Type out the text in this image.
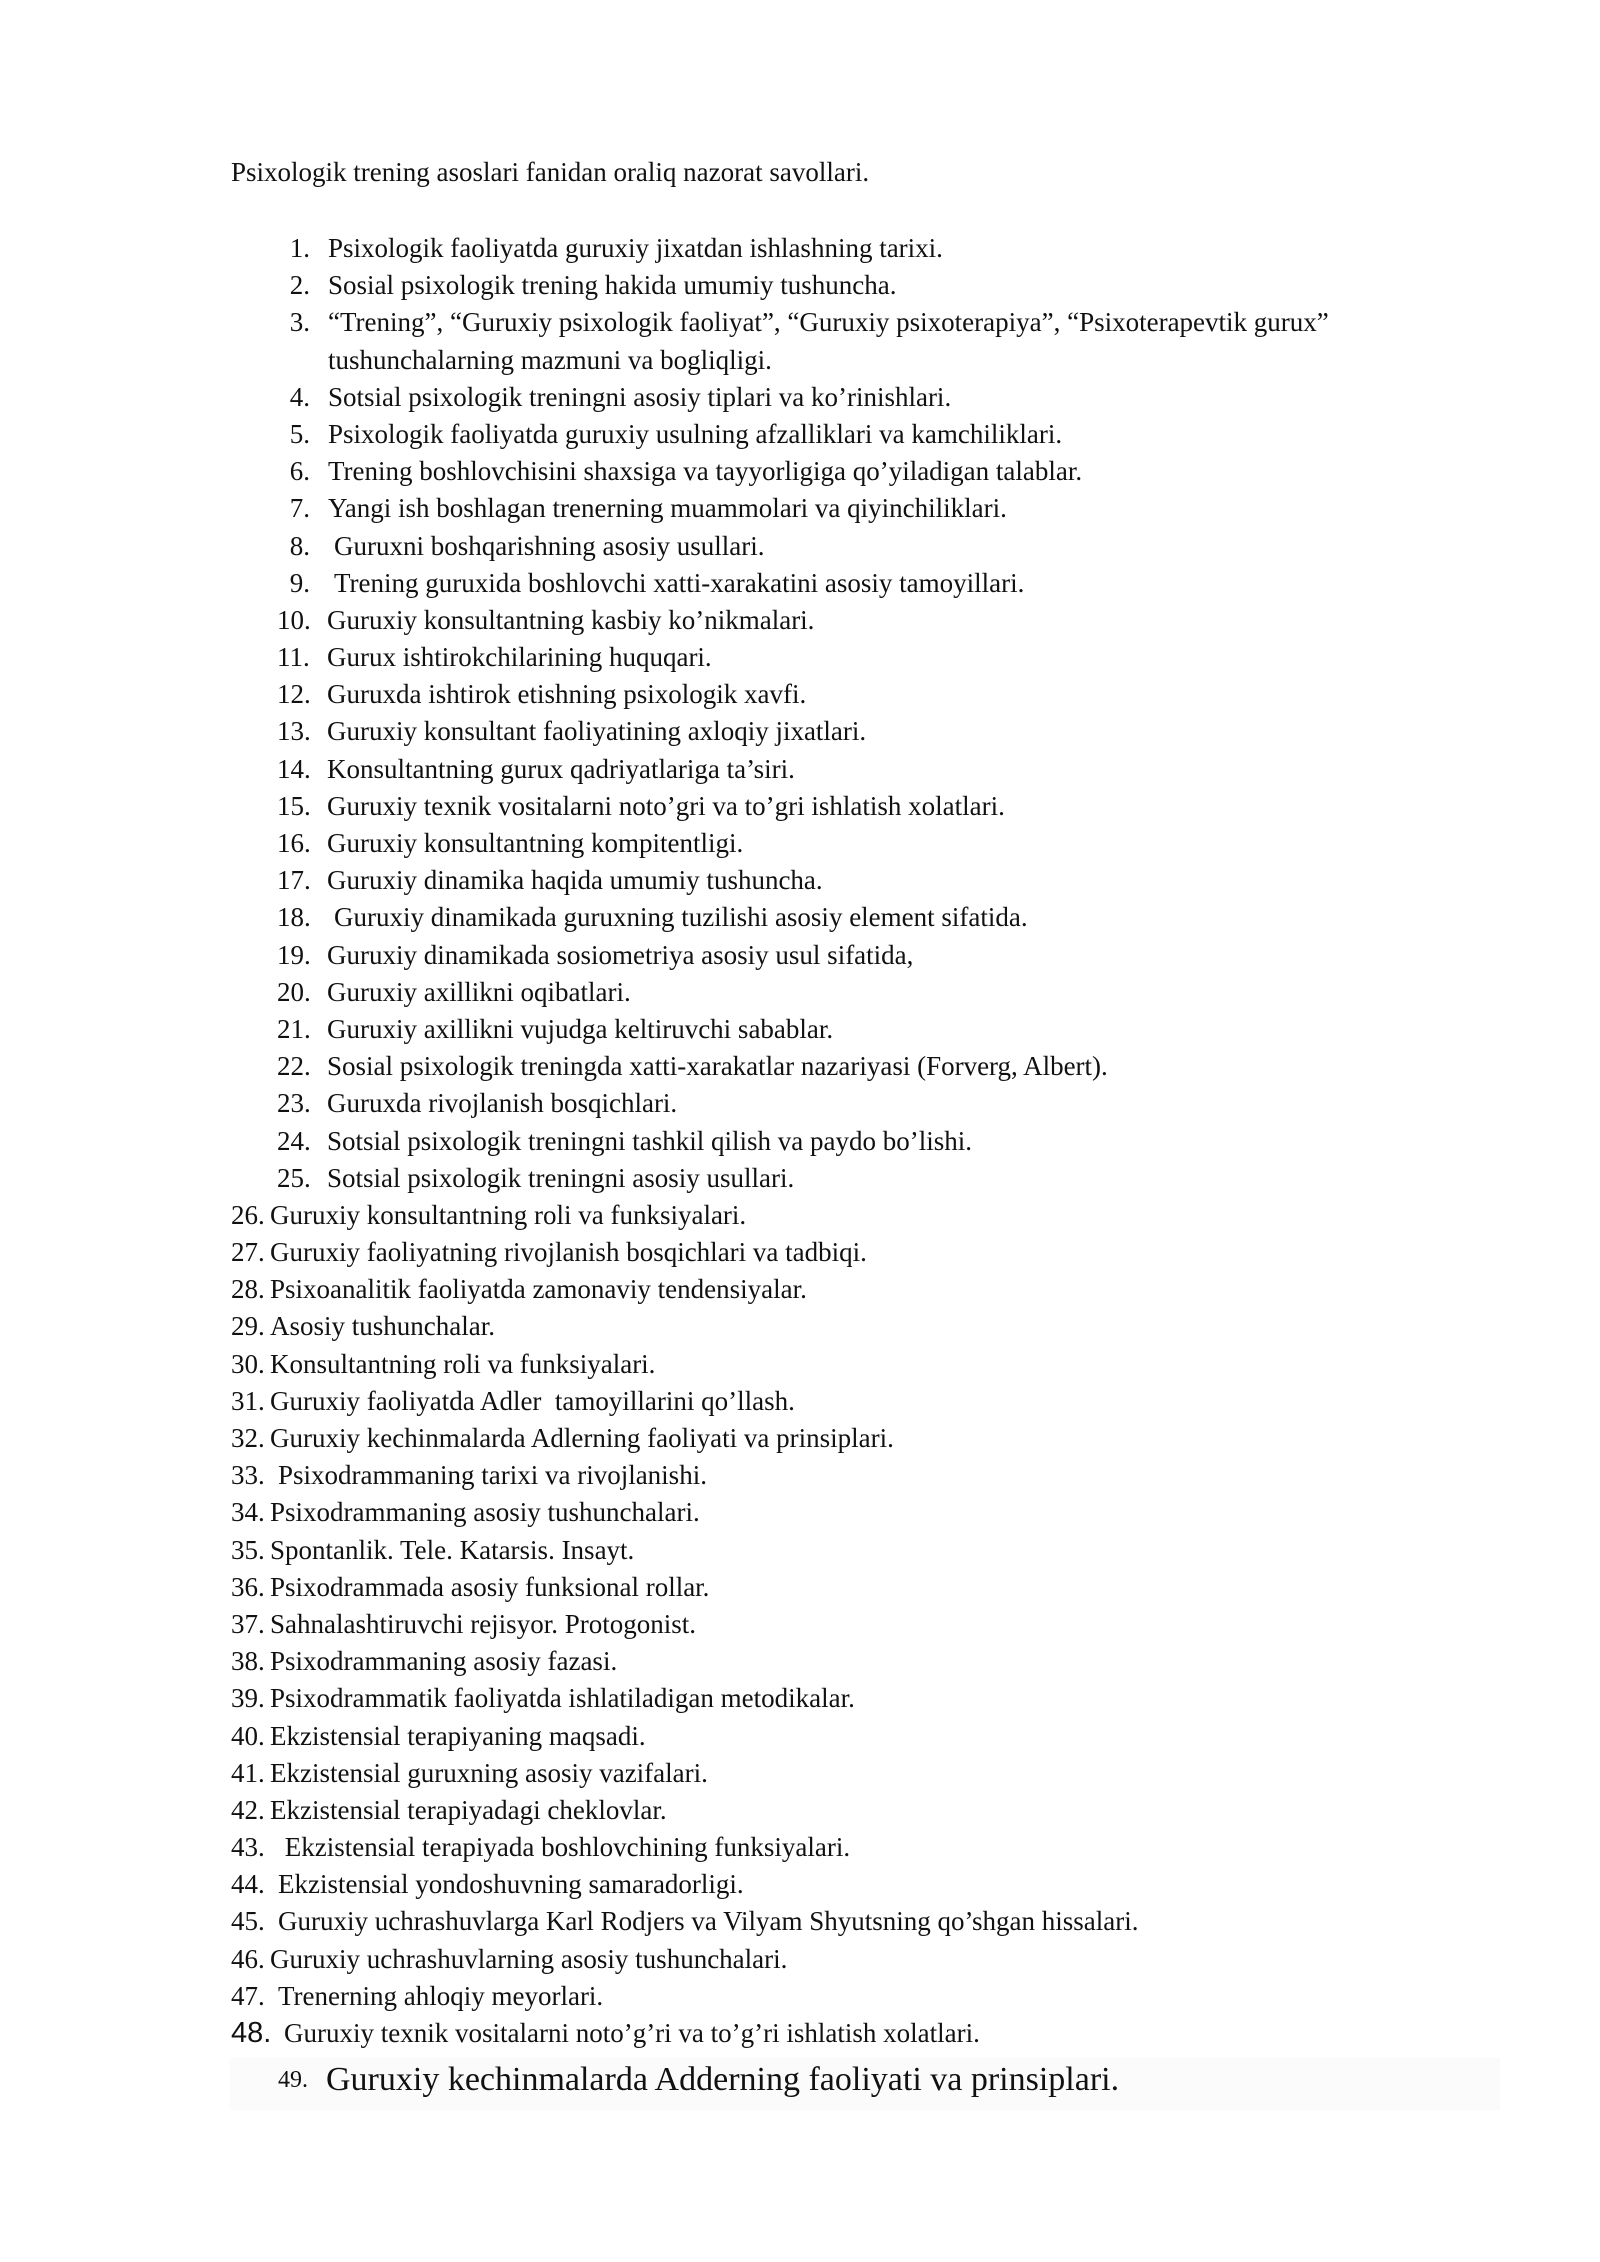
Psixologik trening asoslari fanidan oraliq nazorat savollari.
1. Psixologik faoliyatda guruxiy jixatdan ishlashning tarixi.
2. Sosial psixologik trening hakida umumiy tushuncha.
3. “Trening”, “Guruxiy psixologik faoliyat”, “Guruxiy psixoterapiya”, “Psixoterapevtik gurux” tushunchalarning mazmuni va bogliqligi.
4. Sotsial psixologik treningni asosiy tiplari va ko’rinishlari.
5. Psixologik faoliyatda guruxiy usulning afzalliklari va kamchiliklari.
6. Trening boshlovchisini shaxsiga va tayyorligiga qo’yiladigan talablar.
7. Yangi ish boshlagan trenerning muammolari va qiyinchiliklari.
8. Guruxni boshqarishning asosiy usullari.
9. Trening guruxida boshlovchi xatti-xarakatini asosiy tamoyillari.
10. Guruxiy konsultantning kasbiy ko’nikmalari.
11. Gurux ishtirokchilarining huquqari.
12. Guruxda ishtirok etishning psixologik xavfi.
13. Guruxiy konsultant faoliyatining axloqiy jixatlari.
14. Konsultantning gurux qadriyatlariga ta’siri.
15. Guruxiy texnik vositalarni noto’gri va to’gri ishlatish xolatlari.
16. Guruxiy konsultantning kompitentligi.
17. Guruxiy dinamika haqida umumiy tushuncha.
18. Guruxiy dinamikada guruxning tuzilishi asosiy element sifatida.
19. Guruxiy dinamikada sosiometriya asosiy usul sifatida,
20. Guruxiy axillikni oqibatlari.
21. Guruxiy axillikni vujudga keltiruvchi sabablar.
22. Sosial psixologik treningda xatti-xarakatlar nazariyasi (Forverg, Albert).
23. Guruxda rivojlanish bosqichlari.
24. Sotsial psixologik treningni tashkil qilish va paydo bo’lishi.
25. Sotsial psixologik treningni asosiy usullari.
26. Guruxiy konsultantning roli va funksiyalari.
27. Guruxiy faoliyatning rivojlanish bosqichlari va tadbiqi.
28. Psixoanalitik faoliyatda zamonaviy tendensiyalar.
29. Asosiy tushunchalar.
30. Konsultantning roli va funksiyalari.
31. Guruxiy faoliyatda Adler  tamoyillarini qo’llash.
32. Guruxiy kechinmalarda Adlerning faoliyati va prinsiplari.
33. Psixodrammaning tarixi va rivojlanishi.
34. Psixodrammaning asosiy tushunchalari.
35. Spontanlik. Tele. Katarsis. Insayt.
36. Psixodrammada asosiy funksional rollar.
37. Sahnalashtiruvchi rejisyor. Protogonist.
38. Psixodrammaning asosiy fazasi.
39. Psixodrammatik faoliyatda ishlatiladigan metodikalar.
40. Ekzistensial terapiyaning maqsadi.
41. Ekzistensial guruxning asosiy vazifalari.
42. Ekzistensial terapiyadagi cheklovlar.
43. Ekzistensial terapiyada boshlovchining funksiyalari.
44. Ekzistensial yondoshuvning samaradorligi.
45. Guruxiy uchrashuvlarga Karl Rodjers va Vilyam Shyutsning qo’shgan hissalari.
46. Guruxiy uchrashuvlarning asosiy tushunchalari.
47. Trenerning ahloqiy meyorlari.
48. Guruxiy texnik vositalarni noto’g’ri va to’g’ri ishlatish xolatlari.
49. Guruxiy kechinmalarda Adderning faoliyati va prinsiplari.
